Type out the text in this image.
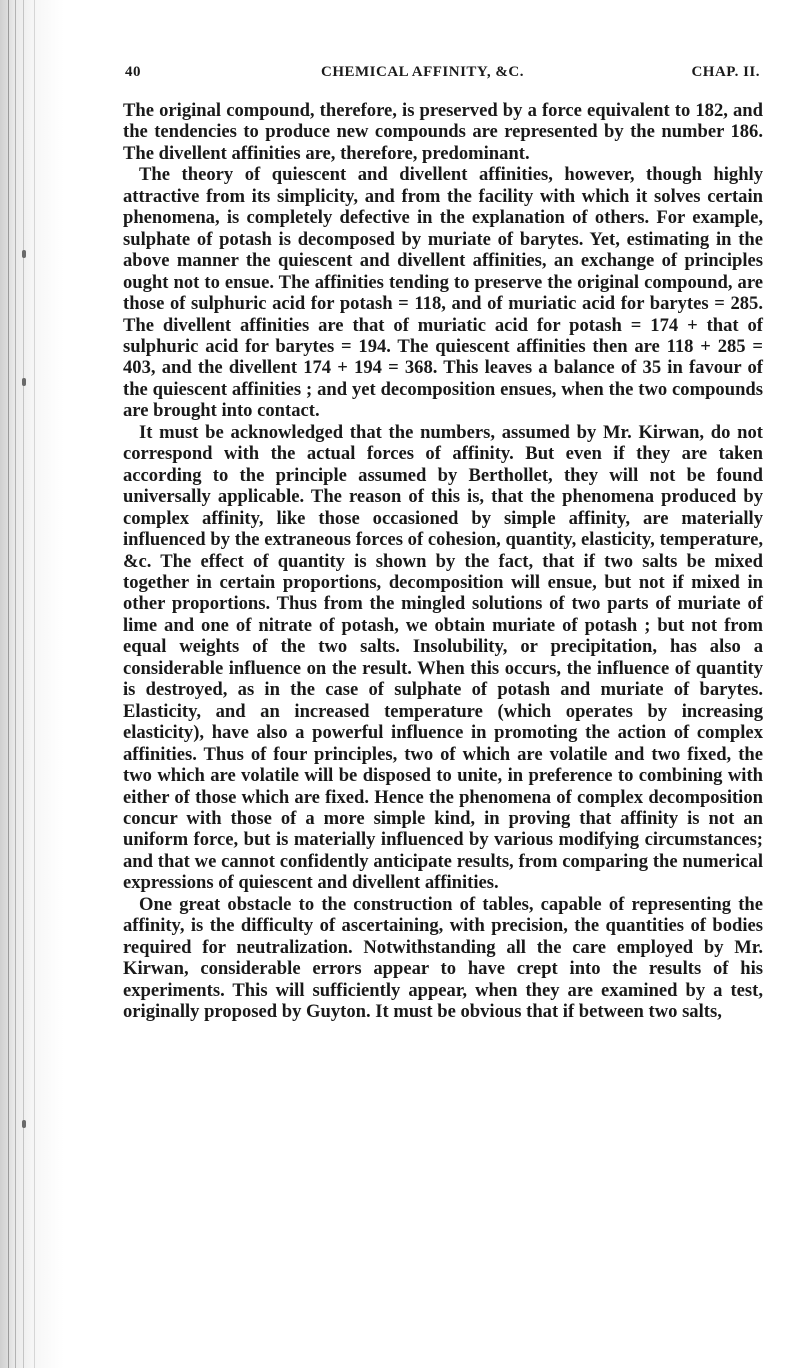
40	CHEMICAL AFFINITY, &C.	CHAP. II.

The original compound, therefore, is preserved by a force equivalent to 182, and the tendencies to produce new compounds are represented by the number 186. The divellent affinities are, therefore, predominant.

The theory of quiescent and divellent affinities, however, though highly attractive from its simplicity, and from the facility with which it solves certain phenomena, is completely defective in the explanation of others. For example, sulphate of potash is decomposed by muriate of barytes. Yet, estimating in the above manner the quiescent and divellent affinities, an exchange of principles ought not to ensue. The affinities tending to preserve the original compound, are those of sulphuric acid for potash = 118, and of muriatic acid for barytes = 285. The divellent affinities are that of muriatic acid for potash = 174 + that of sulphuric acid for barytes = 194. The quiescent affinities then are 118 + 285 = 403, and the divellent 174 + 194 = 368. This leaves a balance of 35 in favour of the quiescent affinities ; and yet decomposition ensues, when the two compounds are brought into contact.

It must be acknowledged that the numbers, assumed by Mr. Kirwan, do not correspond with the actual forces of affinity. But even if they are taken according to the principle assumed by Berthollet, they will not be found universally applicable. The reason of this is, that the phenomena produced by complex affinity, like those occasioned by simple affinity, are materially influenced by the extraneous forces of cohesion, quantity, elasticity, temperature, &c. The effect of quantity is shown by the fact, that if two salts be mixed together in certain proportions, decomposition will ensue, but not if mixed in other proportions. Thus from the mingled solutions of two parts of muriate of lime and one of nitrate of potash, we obtain muriate of potash ; but not from equal weights of the two salts. Insolubility, or precipitation, has also a considerable influence on the result. When this occurs, the influence of quantity is destroyed, as in the case of sulphate of potash and muriate of barytes. Elasticity, and an increased temperature (which operates by increasing elasticity), have also a powerful influence in promoting the action of complex affinities. Thus of four principles, two of which are volatile and two fixed, the two which are volatile will be disposed to unite, in preference to combining with either of those which are fixed. Hence the phenomena of complex decomposition concur with those of a more simple kind, in proving that affinity is not an uniform force, but is materially influenced by various modifying circumstances; and that we cannot confidently anticipate results, from comparing the numerical expressions of quiescent and divellent affinities.

One great obstacle to the construction of tables, capable of representing the affinity, is the difficulty of ascertaining, with precision, the quantities of bodies required for neutralization. Notwithstanding all the care employed by Mr. Kirwan, considerable errors appear to have crept into the results of his experiments. This will sufficiently appear, when they are examined by a test, originally proposed by Guyton. It must be obvious that if between two salts,
